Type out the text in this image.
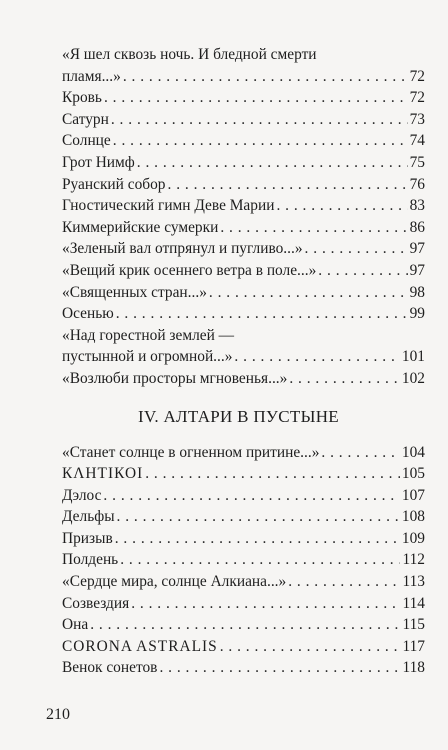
«Я шел сквозь ночь. И бледной смерти
пламя...» . . .	72
Кровь . . .	72
Сатурн . . .	73
Солнце . . .	74
Грот Нимф . . .	75
Руанский собор . . .	76
Гностический гимн Деве Марии . . .	83
Киммерийские сумерки . . .	86
«Зеленый вал отпрянул и пугливо...» . . .	97
«Вещий крик осеннего ветра в поле...» . . .	97
«Священных стран...» . . .	98
Осенью . . .	99
«Над горестной землей —
пустынной и огромной...» . . .	101
«Возлюби просторы мгновенья...» . . .	102
IV. АЛТАРИ В ПУСТЫНЕ
«Станет солнце в огненном притине...» . . .	104
КΛНТIКОI . . .	105
Дэлос . . .	107
Дельфы . . .	108
Призыв . . .	109
Полдень . . .	112
«Сердце мира, солнце Алкиана...» . . .	113
Созвездия . . .	114
Она . . .	115
CORONA ASTRALIS . . .	117
Венок сонетов . . .	118
210
